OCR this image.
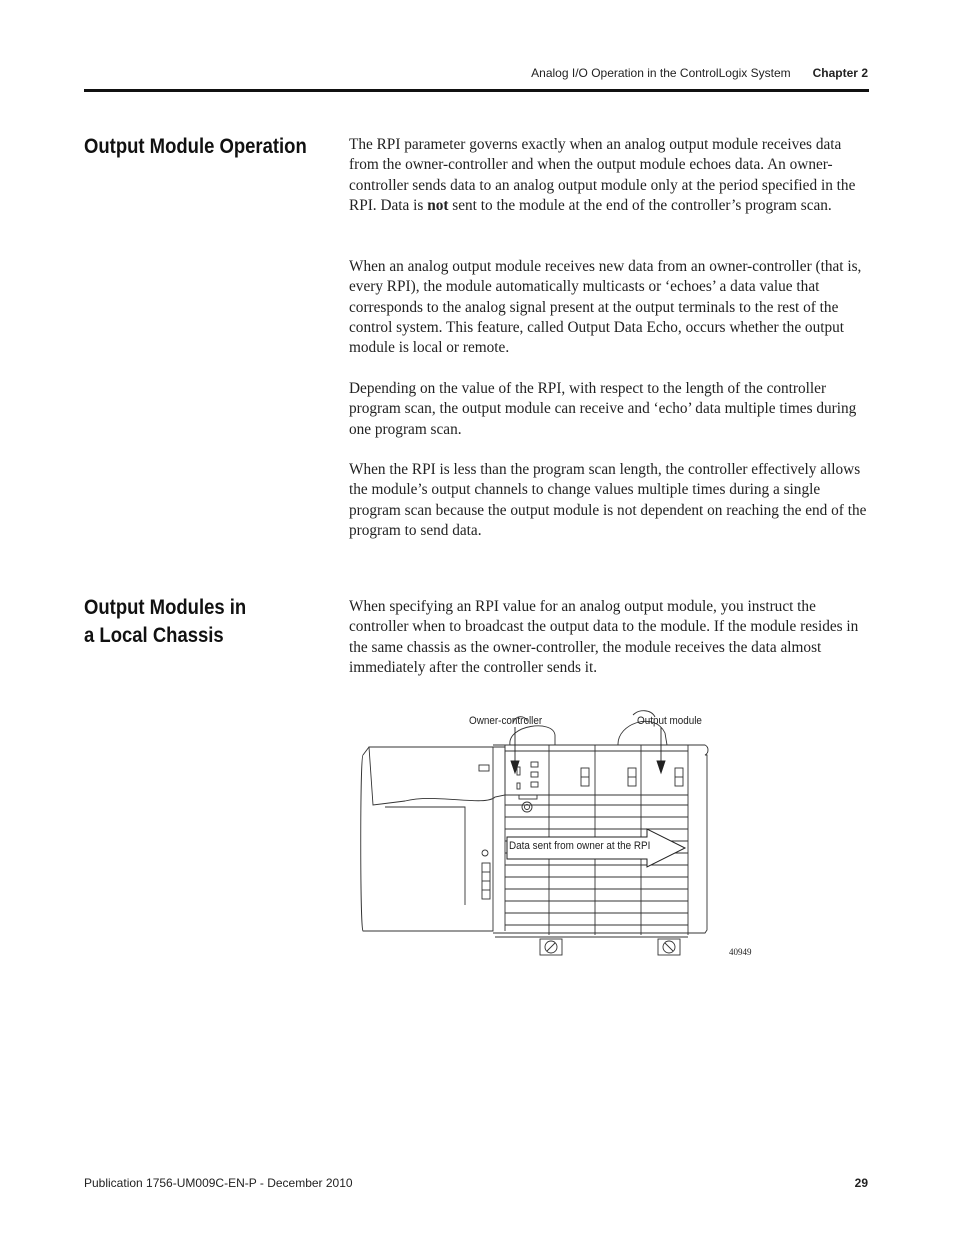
Analog I/O Operation in the ControlLogix System Chapter 2
Output Module Operation	The RPI parameter governs exactly when an analog output module receives data from the owner-controller and when the output module echoes data. An owner-controller sends data to an analog output module only at the period specified in the RPI. Data is not sent to the module at the end of the controller’s program scan.

When an analog output module receives new data from an owner-controller (that is, every RPI), the module automatically multicasts or ‘echoes’ a data value that corresponds to the analog signal present at the output terminals to the rest of the control system. This feature, called Output Data Echo, occurs whether the output module is local or remote.

Depending on the value of the RPI, with respect to the length of the controller program scan, the output module can receive and ‘echo’ data multiple times during one program scan.

When the RPI is less than the program scan length, the controller effectively allows the module’s output channels to change values multiple times during a single program scan because the output module is not dependent on reaching the end of the program to send data.

Output Modules in
a Local Chassis

When specifying an RPI value for an analog output module, you instruct the controller when to broadcast the output data to the module. If the module resides in the same chassis as the owner-controller, the module receives the data almost immediately after the controller sends it.

Owner-controller	Output module
Data sent from owner at the RPI
40949
Publication 1756-UM009C-EN-P - December 2010	29
